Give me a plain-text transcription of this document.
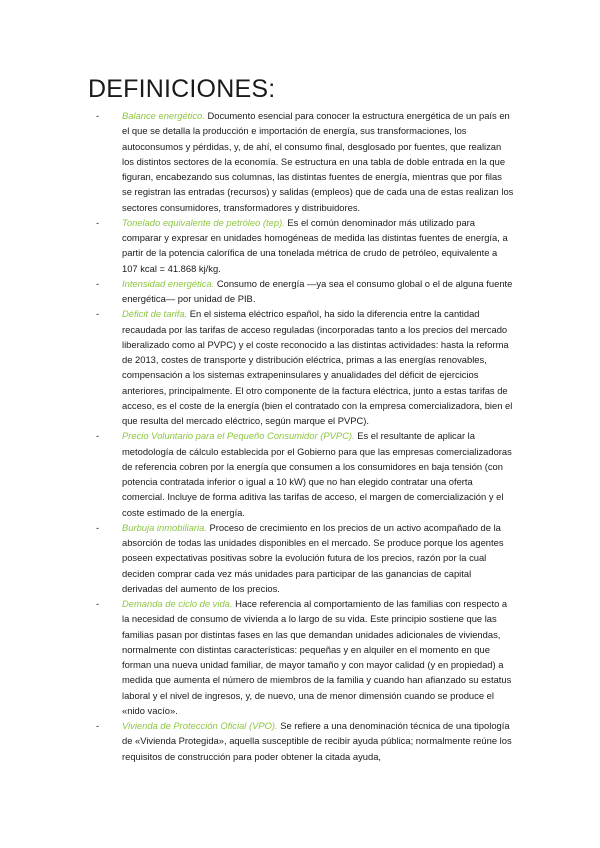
DEFINICIONES:
- Balance energético. Documento esencial para conocer la estructura energética de un país en el que se detalla la producción e importación de energía, sus transformaciones, los autoconsumos y pérdidas, y, de ahí, el consumo final, desglosado por fuentes, que realizan los distintos sectores de la economía. Se estructura en una tabla de doble entrada en la que figuran, encabezando sus columnas, las distintas fuentes de energía, mientras que por filas se registran las entradas (recursos) y salidas (empleos) que de cada una de estas realizan los sectores consumidores, transformadores y distribuidores.
- Tonelado equivalente de petróleo (tep). Es el común denominador más utilizado para comparar y expresar en unidades homogéneas de medida las distintas fuentes de energía, a partir de la potencia calorífica de una tonelada métrica de crudo de petróleo, equivalente a 107 kcal = 41.868 kj/kg.
- Intensidad energética. Consumo de energía —ya sea el consumo global o el de alguna fuente energética— por unidad de PIB.
- Déficit de tarifa. En el sistema eléctrico español, ha sido la diferencia entre la cantidad recaudada por las tarifas de acceso reguladas (incorporadas tanto a los precios del mercado liberalizado como al PVPC) y el coste reconocido a las distintas actividades: hasta la reforma de 2013, costes de transporte y distribución eléctrica, primas a las energías renovables, compensación a los sistemas extrapeninsulares y anualidades del déficit de ejercicios anteriores, principalmente. El otro componente de la factura eléctrica, junto a estas tarifas de acceso, es el coste de la energía (bien el contratado con la empresa comercializadora, bien el que resulta del mercado eléctrico, según marque el PVPC).
- Precio Voluntario para el Pequeño Consumidor (PVPC). Es el resultante de aplicar la metodología de cálculo establecida por el Gobierno para que las empresas comercializadoras de referencia cobren por la energía que consumen a los consumidores en baja tensión (con potencia contratada inferior o igual a 10 kW) que no han elegido contratar una oferta comercial. Incluye de forma aditiva las tarifas de acceso, el margen de comercialización y el coste estimado de la energía.
- Burbuja inmobiliaria. Proceso de crecimiento en los precios de un activo acompañado de la absorción de todas las unidades disponibles en el mercado. Se produce porque los agentes poseen expectativas positivas sobre la evolución futura de los precios, razón por la cual deciden comprar cada vez más unidades para participar de las ganancias de capital derivadas del aumento de los precios.
- Demanda de ciclo de vida. Hace referencia al comportamiento de las familias con respecto a la necesidad de consumo de vivienda a lo largo de su vida. Este principio sostiene que las familias pasan por distintas fases en las que demandan unidades adicionales de viviendas, normalmente con distintas características: pequeñas y en alquiler en el momento en que forman una nueva unidad familiar, de mayor tamaño y con mayor calidad (y en propiedad) a medida que aumenta el número de miembros de la familia y cuando han afianzado su estatus laboral y el nivel de ingresos, y, de nuevo, una de menor dimensión cuando se produce el «nido vacío».
- Vivienda de Protección Oficial (VPO). Se refiere a una denominación técnica de una tipología de «Vivienda Protegida», aquella susceptible de recibir ayuda pública; normalmente reúne los requisitos de construcción para poder obtener la citada ayuda,
